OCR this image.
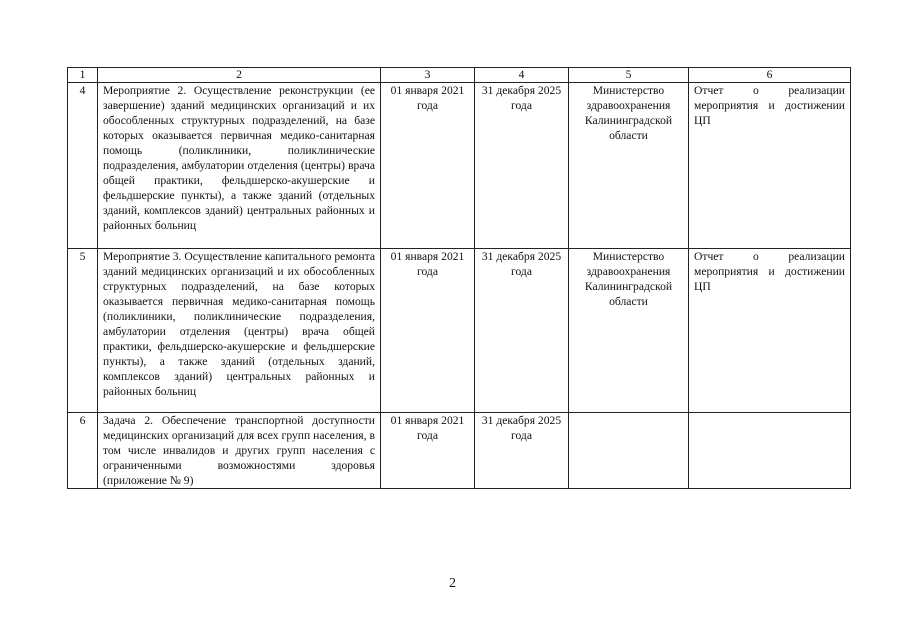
1	2	3	4	5	6
4	Мероприятие 2. Осуществление реконструкции (ее завершение) зданий медицинских организаций и их обособленных структурных подразделений, на базе которых оказывается первичная медико-санитарная помощь (поликлиники, поликлинические подразделения, амбулатории отделения (центры) врача общей практики, фельдшерско-акушерские и фельдшерские пункты), а также зданий (отдельных зданий, комплексов зданий) центральных районных и районных больниц	01 января 2021 года	31 декабря 2025 года	Министерство здравоохранения Калининградской области	Отчет о реализации мероприятия и достижении ЦП
5	Мероприятие 3. Осуществление капитального ремонта зданий медицинских организаций и их обособленных структурных подразделений, на базе которых оказывается первичная медико-санитарная помощь (поликлиники, поликлинические подразделения, амбулатории отделения (центры) врача общей практики, фельдшерско-акушерские и фельдшерские пункты), а также зданий (отдельных зданий, комплексов зданий) центральных районных и районных больниц	01 января 2021 года	31 декабря 2025 года	Министерство здравоохранения Калининградской области	Отчет о реализации мероприятия и достижении ЦП
6	Задача 2. Обеспечение транспортной доступности медицинских организаций для всех групп населения, в том числе инвалидов и других групп населения с ограниченными возможностями здоровья (приложение № 9)	01 января 2021 года	31 декабря 2025 года		
2
